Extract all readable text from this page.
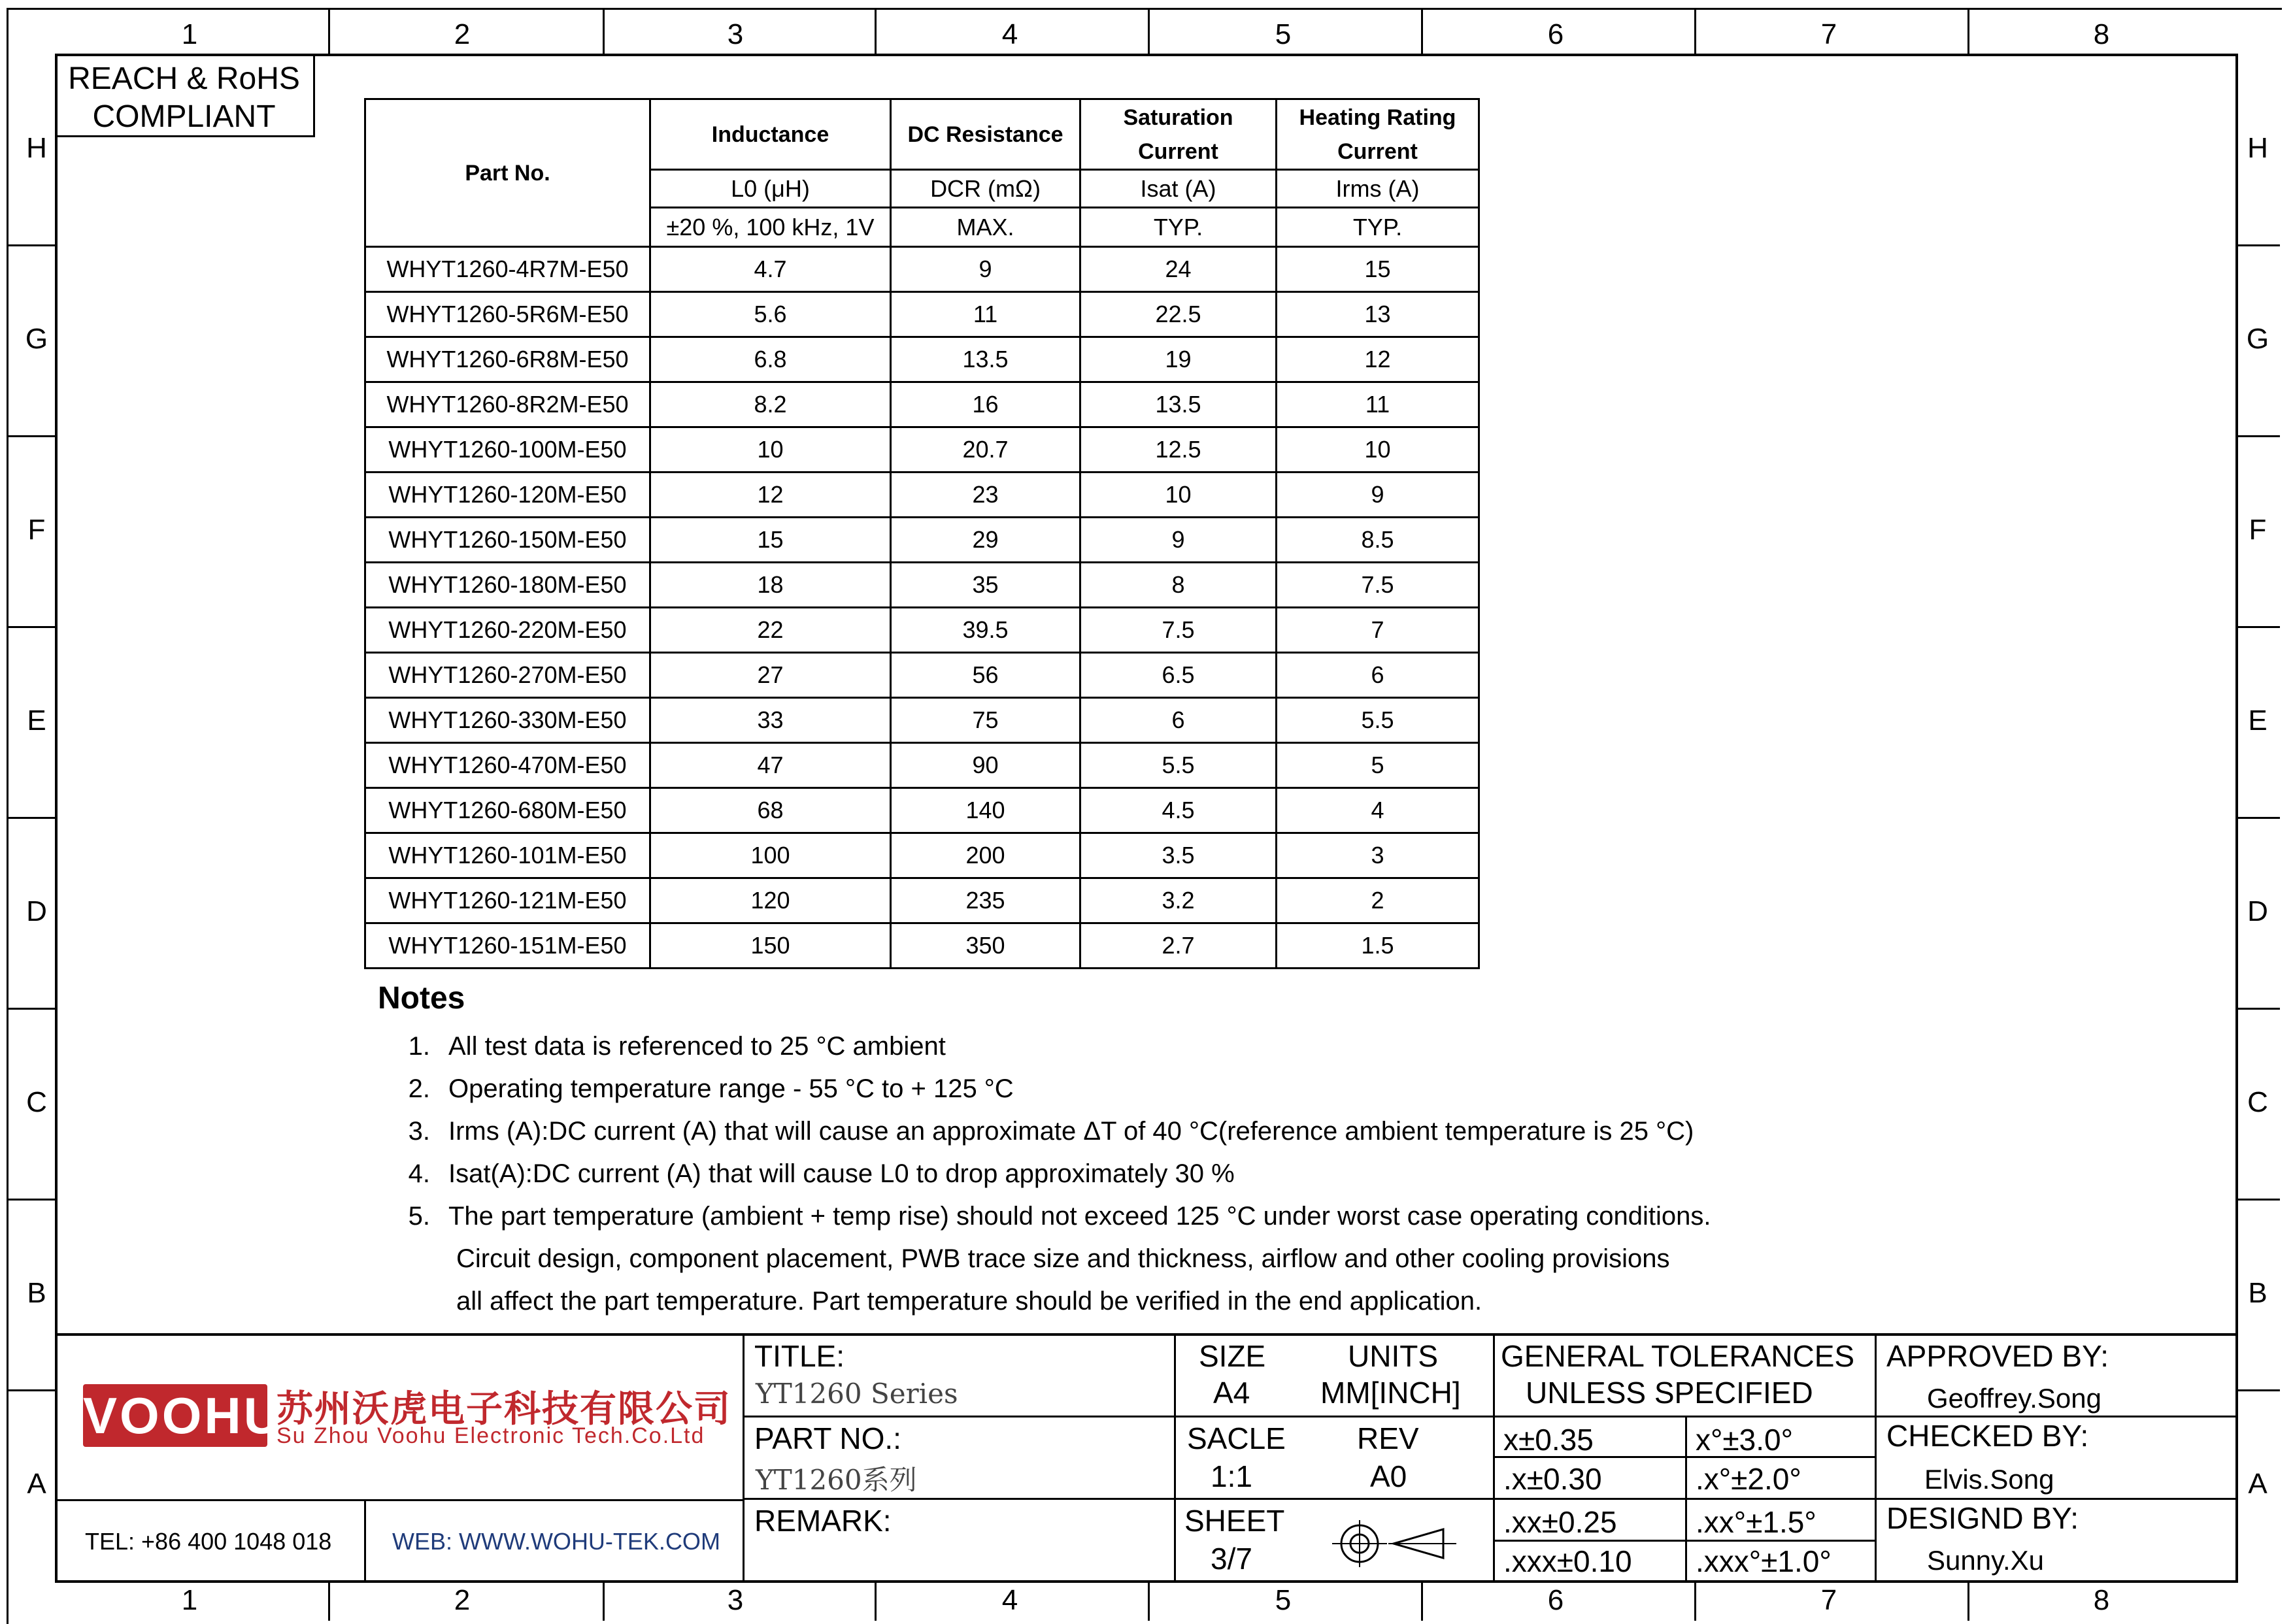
1
1
2
2
3
3
4
4
5
5
6
6
7
7
8
8
H	H
G	G
F	F
E	E
D	D
C	C
B	B
A	A
REACH & RoHS
COMPLIANT
Part No.	Inductance	DC Resistance	Saturation Current	Heating Rating Current
	L0 (μH)	DCR (mΩ)	Isat (A)	Irms (A)
	±20 %, 100 kHz, 1V	MAX.	TYP.	TYP.
WHYT1260-4R7M-E50	4.7	9	24	15
WHYT1260-5R6M-E50	5.6	11	22.5	13
WHYT1260-6R8M-E50	6.8	13.5	19	12
WHYT1260-8R2M-E50	8.2	16	13.5	11
WHYT1260-100M-E50	10	20.7	12.5	10
WHYT1260-120M-E50	12	23	10	9
WHYT1260-150M-E50	15	29	9	8.5
WHYT1260-180M-E50	18	35	8	7.5
WHYT1260-220M-E50	22	39.5	7.5	7
WHYT1260-270M-E50	27	56	6.5	6
WHYT1260-330M-E50	33	75	6	5.5
WHYT1260-470M-E50	47	90	5.5	5
WHYT1260-680M-E50	68	140	4.5	4
WHYT1260-101M-E50	100	200	3.5	3
WHYT1260-121M-E50	120	235	3.2	2
WHYT1260-151M-E50	150	350	2.7	1.5
Notes
1. All test data is referenced to 25 °C ambient
2. Operating temperature range - 55 °C to + 125 °C
3. Irms (A):DC current (A) that will cause an approximate ΔT of 40 °C(reference ambient temperature is 25 °C)
4. Isat(A):DC current (A) that will cause L0 to drop approximately 30 %
5. The part temperature (ambient + temp rise) should not exceed 125 °C under worst case operating conditions.
Circuit design, component placement, PWB trace size and thickness, airflow and other cooling provisions
all affect the part temperature. Part temperature should be verified in the end application.
VOOHU
苏州沃虎电子科技有限公司
Su Zhou Voohu Electronic Tech.Co.Ltd
TEL: +86 400 1048 018	WEB: WWW.WOHU-TEK.COM
TITLE:
YT1260 Series
PART NO.:
YT1260系列
REMARK:
SIZE
A4
UNITS
MM[INCH]
SACLE
1:1
REV
A0
SHEET
3/7
GENERAL TOLERANCES
UNLESS SPECIFIED
x±0.35	x°±3.0°
.x±0.30	.x°±2.0°
.xx±0.25	.xx°±1.5°
.xxx±0.10 .xxx°±1.0°
APPROVED BY:
Geoffrey.Song
CHECKED BY:
Elvis.Song
DESIGND BY:
Sunny.Xu
